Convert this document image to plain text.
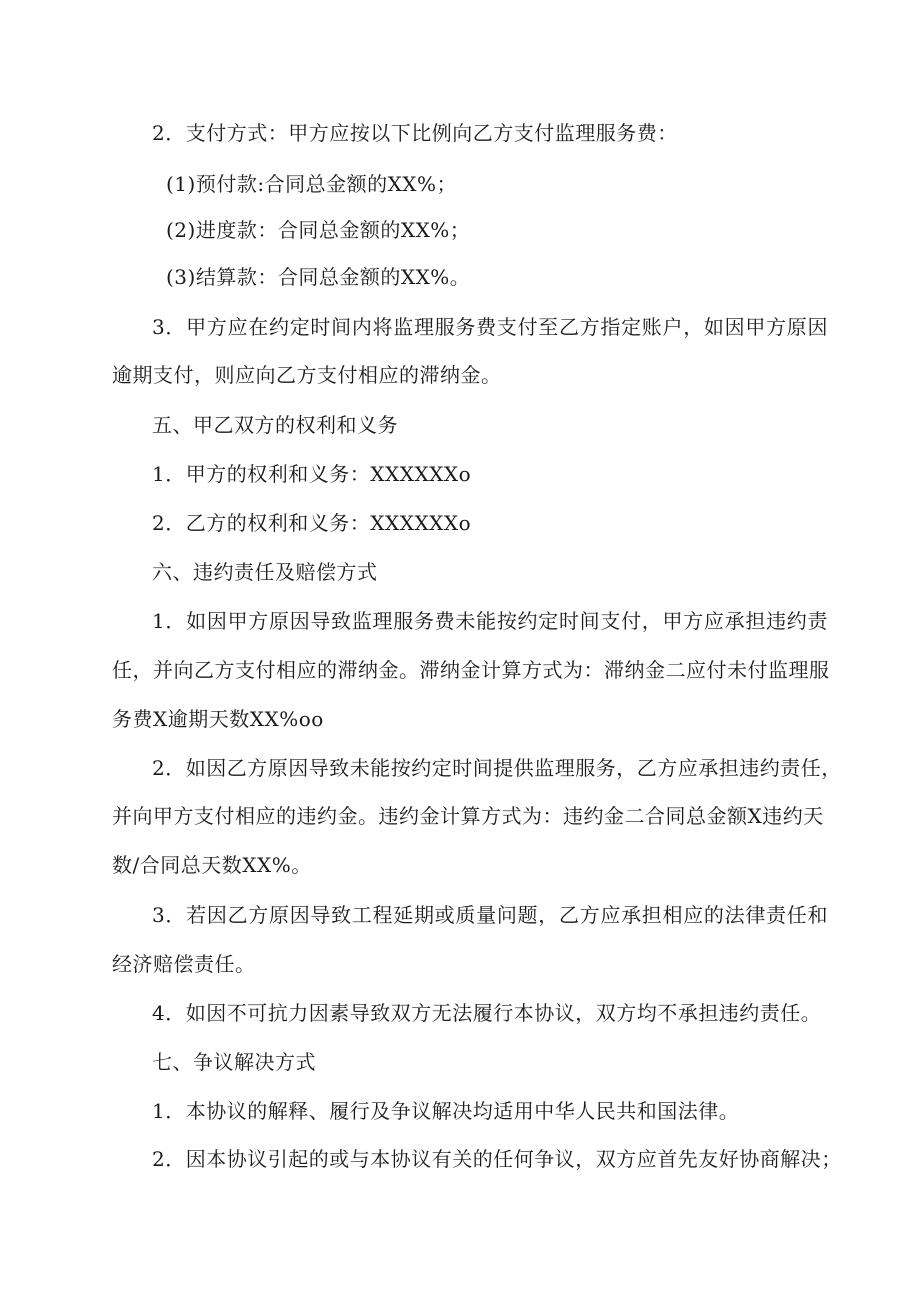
2．支付方式：甲方应按以下比例向乙方支付监理服务费：
(1)预付款:合同总金额的XX%；
(2)进度款：合同总金额的XX%；
(3)结算款：合同总金额的XX%。
3．甲方应在约定时间内将监理服务费支付至乙方指定账户，如因甲方原因
逾期支付，则应向乙方支付相应的滞纳金。
五、甲乙双方的权利和义务
1．甲方的权利和义务：XXXXXXo
2．乙方的权利和义务：XXXXXXo
六、违约责任及赔偿方式
1．如因甲方原因导致监理服务费未能按约定时间支付，甲方应承担违约责
任，并向乙方支付相应的滞纳金。滞纳金计算方式为：滞纳金二应付未付监理服
务费X逾期天数XX%oo
2．如因乙方原因导致未能按约定时间提供监理服务，乙方应承担违约责任，
并向甲方支付相应的违约金。违约金计算方式为：违约金二合同总金额X违约天
数/合同总天数XX%。
3．若因乙方原因导致工程延期或质量问题，乙方应承担相应的法律责任和
经济赔偿责任。
4．如因不可抗力因素导致双方无法履行本协议，双方均不承担违约责任。
七、争议解决方式
1．本协议的解释、履行及争议解决均适用中华人民共和国法律。
2．因本协议引起的或与本协议有关的任何争议，双方应首先友好协商解决；
